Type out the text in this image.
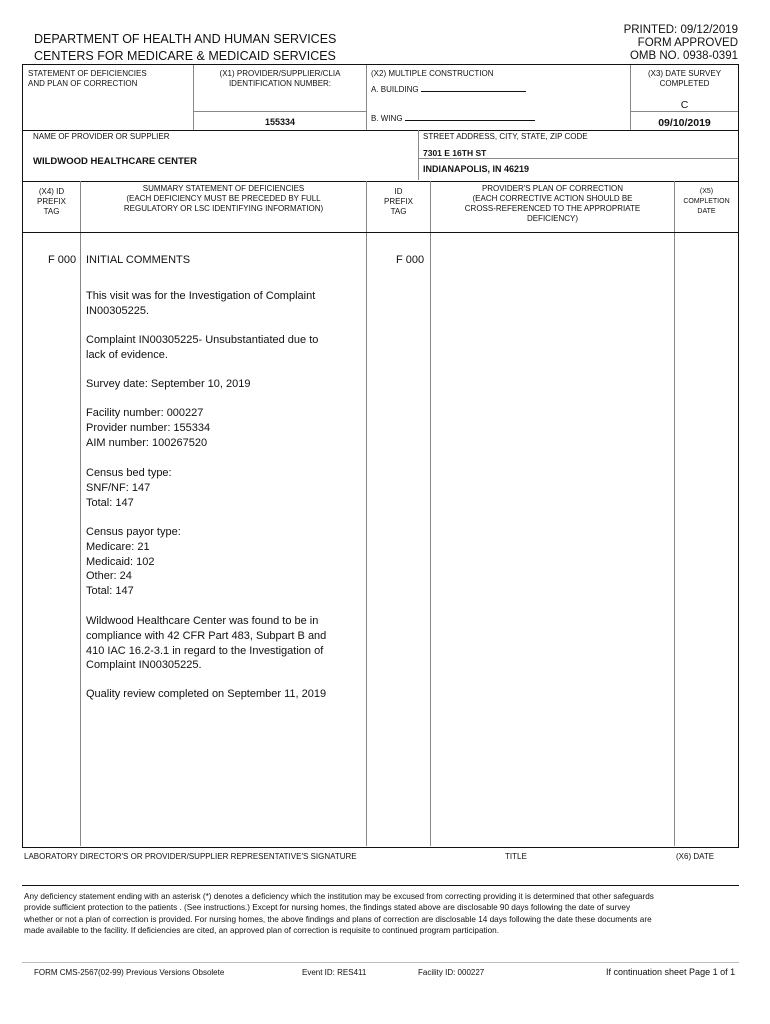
DEPARTMENT OF HEALTH AND HUMAN SERVICES
CENTERS FOR MEDICARE & MEDICAID SERVICES
PRINTED: 09/12/2019
FORM APPROVED
OMB NO. 0938-0391
STATEMENT OF DEFICIENCIES
AND PLAN OF CORRECTION
(X1) PROVIDER/SUPPLIER/CLIA
IDENTIFICATION NUMBER:
155334
(X2) MULTIPLE CONSTRUCTION
A. BUILDING
B. WING
(X3) DATE SURVEY
COMPLETED
C
09/10/2019
NAME OF PROVIDER OR SUPPLIER
WILDWOOD HEALTHCARE CENTER
STREET ADDRESS, CITY, STATE, ZIP CODE
7301 E 16TH ST
INDIANAPOLIS, IN 46219
(X4) ID
PREFIX
TAG
SUMMARY STATEMENT OF DEFICIENCIES
(EACH DEFICIENCY MUST BE PRECEDED BY FULL
REGULATORY OR LSC IDENTIFYING INFORMATION)
ID
PREFIX
TAG
PROVIDER'S PLAN OF CORRECTION
(EACH CORRECTIVE ACTION SHOULD BE
CROSS-REFERENCED TO THE APPROPRIATE
DEFICIENCY)
(X5)
COMPLETION
DATE
F 000 INITIAL COMMENTS	F 000
This visit was for the Investigation of Complaint
IN00305225.
Complaint IN00305225- Unsubstantiated due to
lack of evidence.
Survey date: September 10, 2019
Facility number: 000227
Provider number: 155334
AIM number: 100267520
Census bed type:
SNF/NF: 147
Total: 147
Census payor type:
Medicare: 21
Medicaid: 102
Other: 24
Total: 147
Wildwood Healthcare Center was found to be in
compliance with 42 CFR Part 483, Subpart B and
410 IAC 16.2-3.1 in regard to the Investigation of
Complaint IN00305225.
Quality review completed on September 11, 2019
LABORATORY DIRECTOR'S OR PROVIDER/SUPPLIER REPRESENTATIVE'S SIGNATURE	TITLE	(X6) DATE
Any deficiency statement ending with an asterisk (*) denotes a deficiency which the institution may be excused from correcting providing it is determined that other safeguards provide sufficient protection to the patients . (See instructions.) Except for nursing homes, the findings stated above are disclosable 90 days following the date of survey whether or not a plan of correction is provided. For nursing homes, the above findings and plans of correction are disclosable 14 days following the date these documents are made available to the facility. If deficiencies are cited, an approved plan of correction is requisite to continued program participation.
FORM CMS-2567(02-99) Previous Versions Obsolete	Event ID: RES411	Facility ID: 000227	If continuation sheet Page 1 of 1
